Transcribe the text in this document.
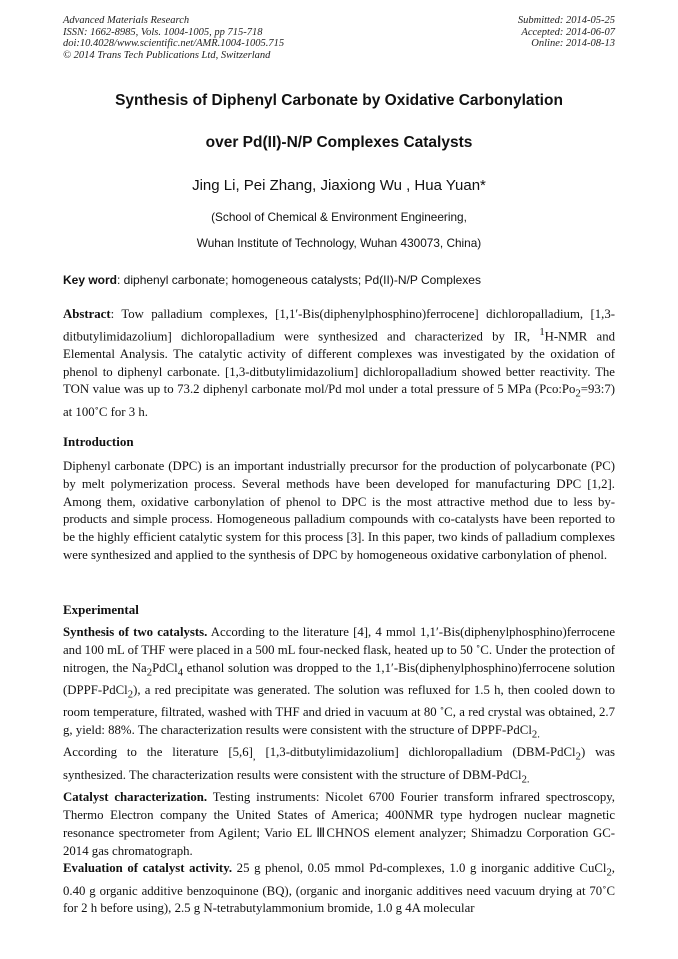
Advanced Materials Research
ISSN: 1662-8985, Vols. 1004-1005, pp 715-718
doi:10.4028/www.scientific.net/AMR.1004-1005.715
© 2014 Trans Tech Publications Ltd, Switzerland
Submitted: 2014-05-25
Accepted: 2014-06-07
Online: 2014-08-13
Synthesis of Diphenyl Carbonate by Oxidative Carbonylation
over Pd(II)-N/P Complexes Catalysts
Jing Li, Pei Zhang, Jiaxiong Wu , Hua Yuan*
(School of Chemical & Environment Engineering,
Wuhan Institute of Technology, Wuhan 430073, China)
Key word: diphenyl carbonate; homogeneous catalysts; Pd(II)-N/P Complexes
Abstract: Tow palladium complexes, [1,1′-Bis(diphenylphosphino)ferrocene] dichloropalladium, [1,3-ditbutylimidazolium] dichloropalladium were synthesized and characterized by IR, $^1$H-NMR and Elemental Analysis. The catalytic activity of different complexes was investigated by the oxidation of phenol to diphenyl carbonate. [1,3-ditbutylimidazolium] dichloropalladium showed better reactivity. The TON value was up to 73.2 diphenyl carbonate mol/Pd mol under a total pressure of 5 MPa $(Pco:Po_2=93:7)$ at 100˚C for 3 h.
Introduction
Diphenyl carbonate (DPC) is an important industrially precursor for the production of polycarbonate (PC) by melt polymerization process. Several methods have been developed for manufacturing DPC [1,2]. Among them, oxidative carbonylation of phenol to DPC is the most attractive method due to less by-products and simple process. Homogeneous palladium compounds with co-catalysts have been reported to be the highly efficient catalytic system for this process [3]. In this paper, two kinds of palladium complexes were synthesized and applied to the synthesis of DPC by homogeneous oxidative carbonylation of phenol.
Experimental

Synthesis of two catalysts. According to the literature [4], 4 mmol 1,1′-Bis(diphenylphosphino)ferrocene and 100 mL of THF were placed in a 500 mL four-necked flask, heated up to 50 ˚C. Under the protection of nitrogen, the $Na_2PdCl_4$ ethanol solution was dropped to the 1,1′-Bis(diphenylphosphino)ferrocene solution (DPPF-PdCl$_2$), a red precipitate was generated. The solution was refluxed for 1.5 h, then cooled down to room temperature, filtrated, washed with THF and dried in vacuum at 80 ˚C, a red crystal was obtained, 2.7 g, yield: 88%. The characterization results were consistent with the structure of DPPF-PdCl$_{2.}$

According to the literature $[5,6]_,$ [1,3-ditbutylimidazolium] dichloropalladium (DBM-PdCl$_2$) was synthesized. The characterization results were consistent with the structure of DBM-PdCl$_{2.}$

Catalyst characterization. Testing instruments: Nicolet 6700 Fourier transform infrared spectroscopy, Thermo Electron company the United States of America; 400NMR type hydrogen nuclear magnetic resonance spectrometer from Agilent; Vario EL ⅢCHNOS element analyzer; Shimadzu Corporation GC-2014 gas chromatograph.

Evaluation of catalyst activity. 25 g phenol, 0.05 mmol Pd-complexes, 1.0 g inorganic additive CuCl$_2$, 0.40 g organic additive benzoquinone (BQ), (organic and inorganic additives need vacuum drying at 70˚C for 2 h before using), 2.5 g N-tetrabutylammonium bromide, 1.0 g 4A molecular
